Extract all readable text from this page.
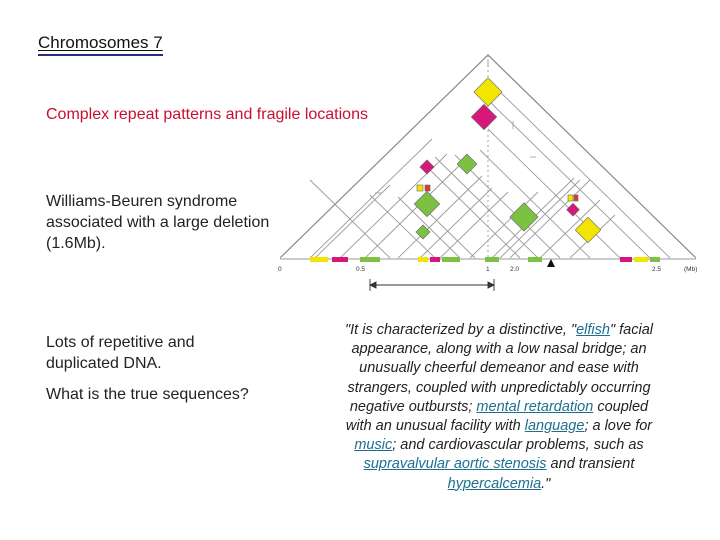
Chromosomes 7
Complex repeat patterns and fragile locations
Williams-Beuren syndrome associated with a large deletion (1.6Mb).
Lots of repetitive and duplicated DNA.
What is the true sequences?
0	0.5	1	2.0	2.5	(Mb)
"It is characterized by a distinctive, "elfish" facial appearance, along with a low nasal bridge; an unusually cheerful demeanor and ease with strangers, coupled with unpredictably occurring negative outbursts; mental retardation coupled with an unusual facility with language; a love for music; and cardiovascular problems, such as supravalvular aortic stenosis and transient hypercalcemia."
